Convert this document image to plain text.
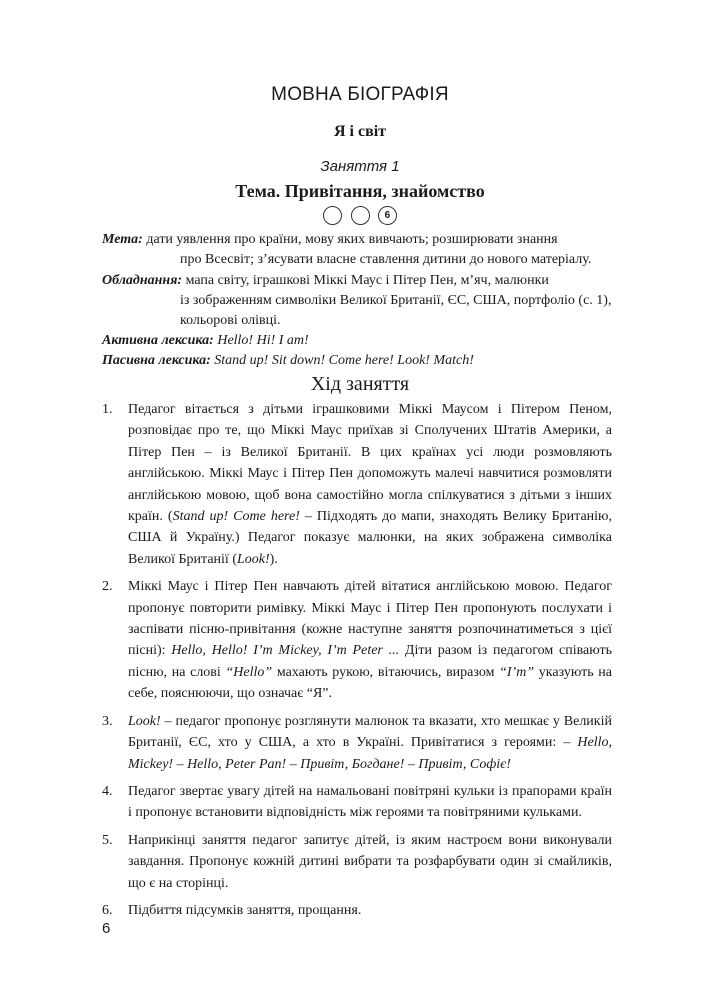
МОВНА БІОГРАФІЯ
Я і світ
Заняття 1
Тема. Привітання, знайомство
6
Мета: дати уявлення про країни, мову яких вивчають; розширювати знання
про Всесвіт; з’ясувати власне ставлення дитини до нового матеріалу.
Обладнання: мапа світу, іграшкові Міккі Маус і Пітер Пен, м’яч, малюнки
із зображенням символіки Великої Британії, ЄС, США, портфоліо (с. 1),
кольорові олівці.
Активна лексика: Hello! Hi! I am!
Пасивна лексика: Stand up! Sit down! Come here! Look! Match!
Хід заняття
1. Педагог вітається з дітьми іграшковими Міккі Маусом і Пітером Пеном, розповідає про те, що Міккі Маус приїхав зі Сполучених Штатів Америки, а Пітер Пен – із Великої Британії. В цих країнах усі люди розмовляють англійською. Міккі Маус і Пітер Пен допоможуть малечі навчитися розмовляти англійською мовою, щоб вона самостійно могла спілкуватися з дітьми з інших країн. (Stand up! Come here! – Підходять до мапи, знаходять Велику Британію, США й Україну.) Педагог показує малюнки, на яких зображена символіка Великої Британії (Look!).
2. Міккі Маус і Пітер Пен навчають дітей вітатися англійською мовою. Педагог пропонує повторити римівку. Міккі Маус і Пітер Пен пропонують послухати і заспівати пісню-привітання (кожне наступне заняття розпочинатиметься з цієї пісні): Hello, Hello! I’m Mickey, I’m Peter ... Діти разом із педагогом співають пісню, на слові “Hello” махають рукою, вітаючись, виразом “I’m” указують на себе, пояснюючи, що означає “Я”.
3. Look! – педагог пропонує розглянути малюнок та вказати, хто мешкає у Великій Британії, ЄС, хто у США, а хто в Україні. Привітатися з героями: – Hello, Mickey! – Hello, Peter Pan! – Привіт, Богдане! – Привіт, Софіє!
4. Педагог звертає увагу дітей на намальовані повітряні кульки із прапорами країн і пропонує встановити відповідність між героями та повітряними кульками.
5. Наприкінці заняття педагог запитує дітей, із яким настроєм вони виконували завдання. Пропонує кожній дитині вибрати та розфарбувати один зі смайликів, що є на сторінці.
6. Підбиття підсумків заняття, прощання.
6
